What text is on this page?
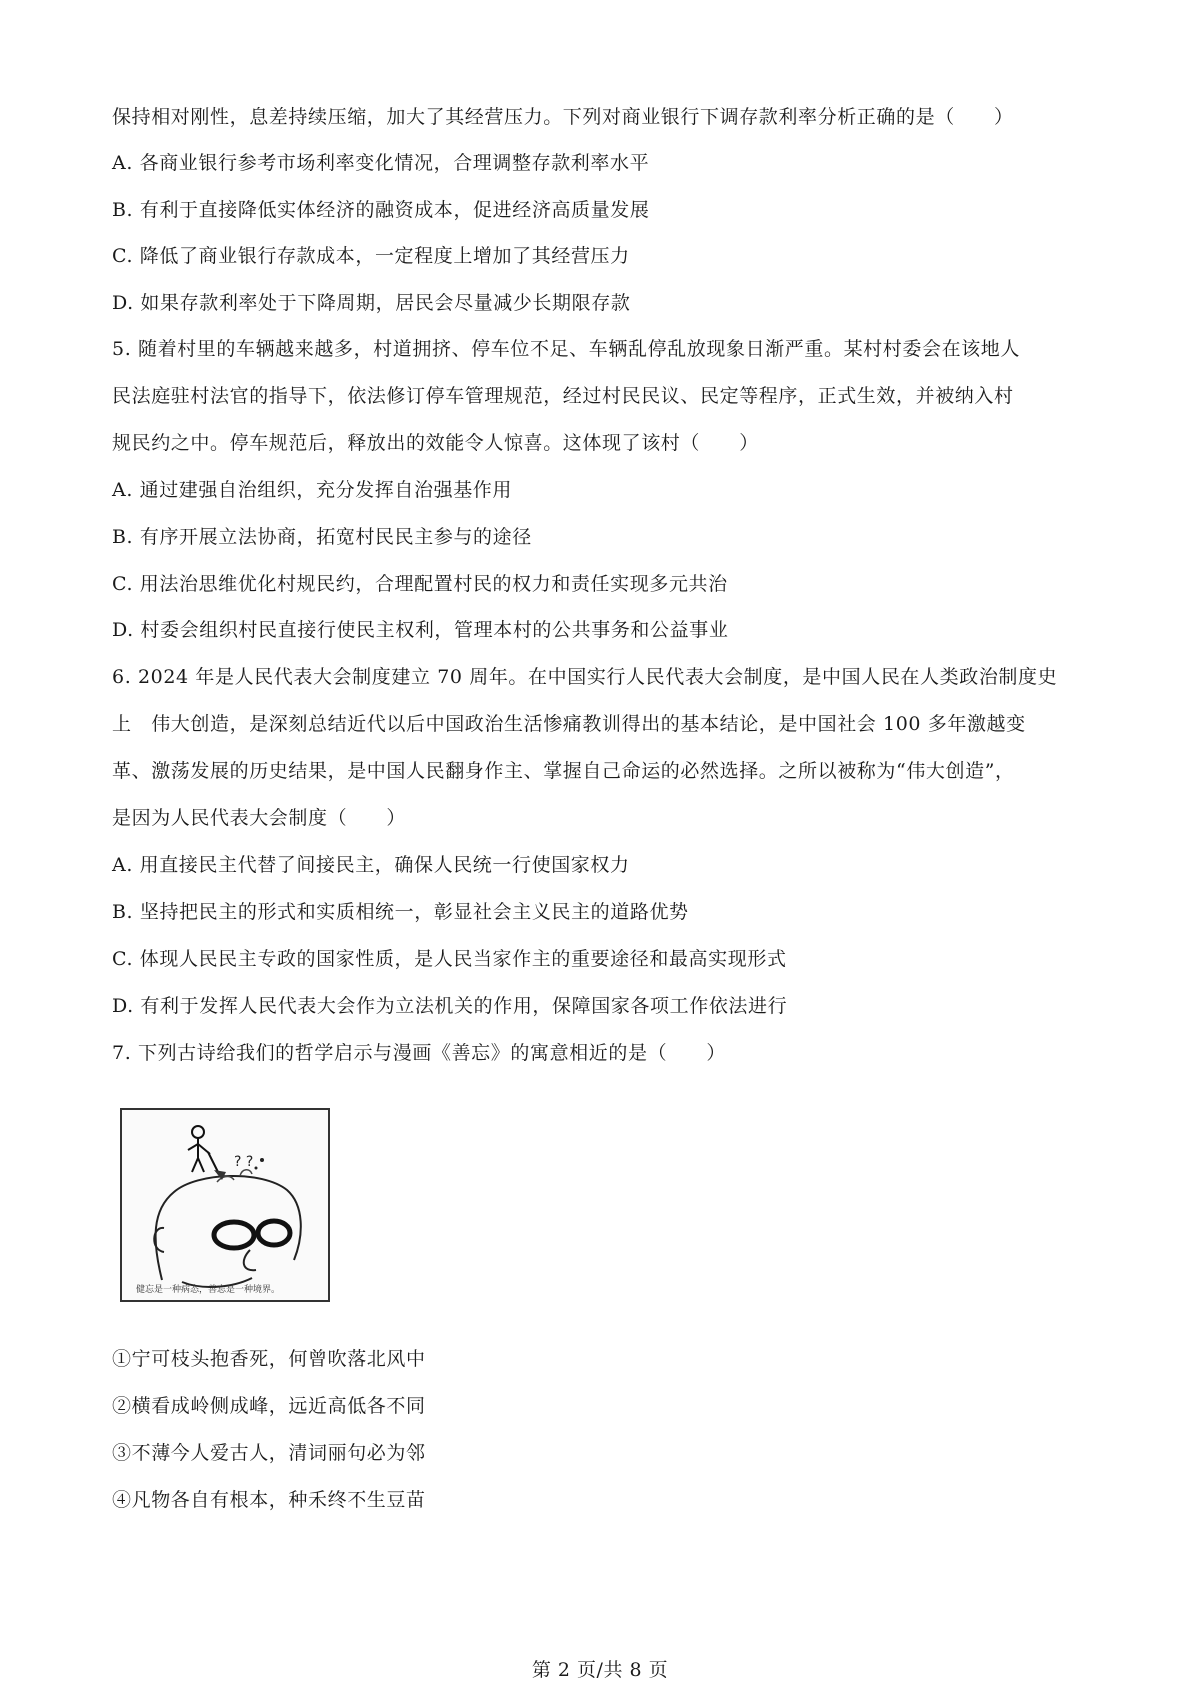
保持相对刚性，息差持续压缩，加大了其经营压力。下列对商业银行下调存款利率分析正确的是（　　）
A. 各商业银行参考市场利率变化情况，合理调整存款利率水平
B. 有利于直接降低实体经济的融资成本，促进经济高质量发展
C. 降低了商业银行存款成本，一定程度上增加了其经营压力
D. 如果存款利率处于下降周期，居民会尽量减少长期限存款
5. 随着村里的车辆越来越多，村道拥挤、停车位不足、车辆乱停乱放现象日渐严重。某村村委会在该地人
民法庭驻村法官的指导下，依法修订停车管理规范，经过村民民议、民定等程序，正式生效，并被纳入村
规民约之中。停车规范后，释放出的效能令人惊喜。这体现了该村（　　）
A. 通过建强自治组织，充分发挥自治强基作用
B. 有序开展立法协商，拓宽村民民主参与的途径
C. 用法治思维优化村规民约，合理配置村民的权力和责任实现多元共治
D. 村委会组织村民直接行使民主权利，管理本村的公共事务和公益事业
6. 2024 年是人民代表大会制度建立 70 周年。在中国实行人民代表大会制度，是中国人民在人类政治制度史
上　伟大创造，是深刻总结近代以后中国政治生活惨痛教训得出的基本结论，是中国社会 100 多年激越变
革、激荡发展的历史结果，是中国人民翻身作主、掌握自己命运的必然选择。之所以被称为“伟大创造”，
是因为人民代表大会制度（　　）
A. 用直接民主代替了间接民主，确保人民统一行使国家权力
B. 坚持把民主的形式和实质相统一，彰显社会主义民主的道路优势
C. 体现人民民主专政的国家性质，是人民当家作主的重要途径和最高实现形式
D. 有利于发挥人民代表大会作为立法机关的作用，保障国家各项工作依法进行
7. 下列古诗给我们的哲学启示与漫画《善忘》的寓意相近的是（　　）
? ?
健忘是一种病态，善忘是一种境界。
①宁可枝头抱香死，何曾吹落北风中
②横看成岭侧成峰，远近高低各不同
③不薄今人爱古人，清词丽句必为邻
④凡物各自有根本，种禾终不生豆苗
第 2 页/共 8 页
